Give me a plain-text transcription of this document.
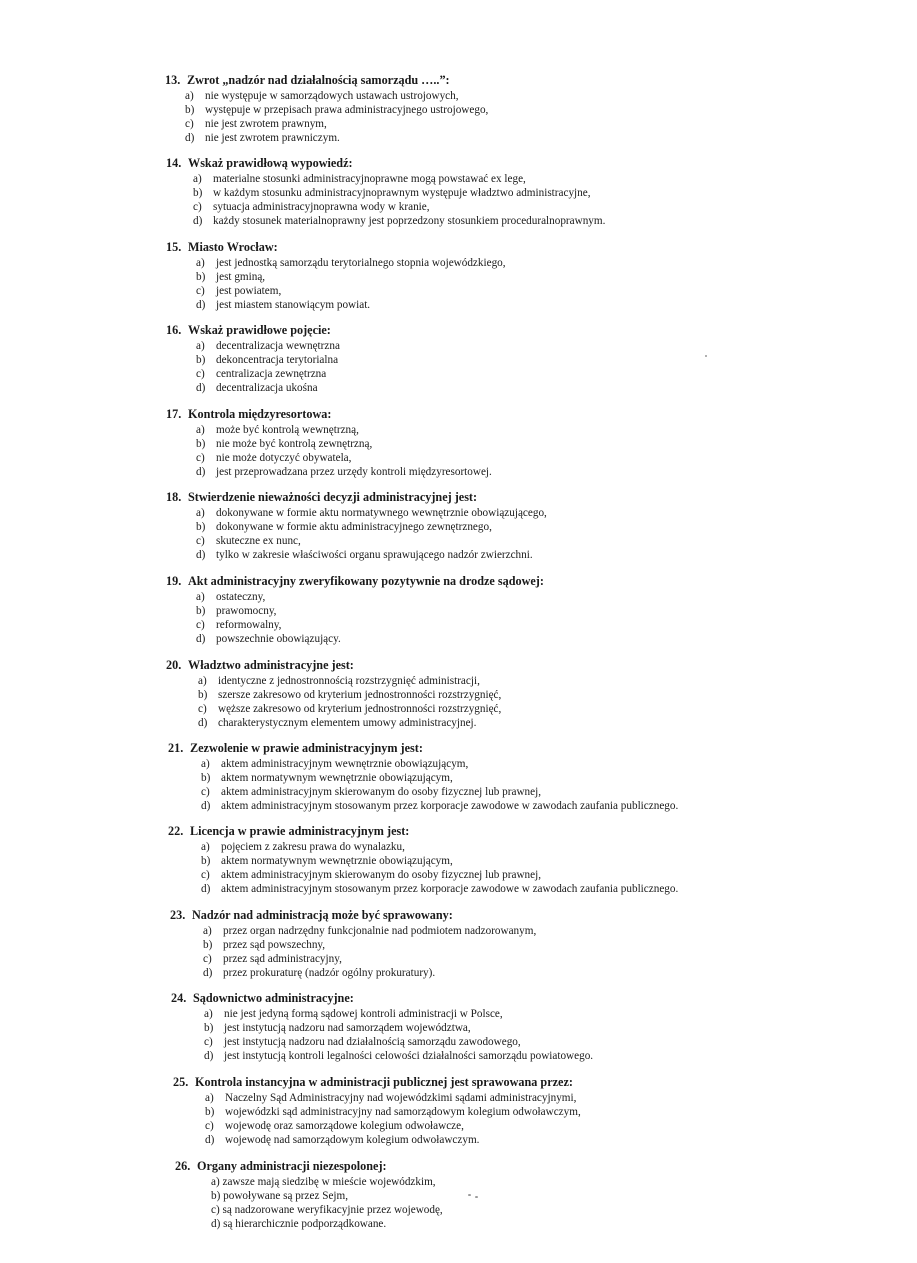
13. Zwrot „nadzór nad działalnością samorządu …..”:
a) nie występuje w samorządowych ustawach ustrojowych,
b) występuje w przepisach prawa administracyjnego ustrojowego,
c) nie jest zwrotem prawnym,
d) nie jest zwrotem prawniczym.
14. Wskaż prawidłową wypowiedź:
a) materialne stosunki administracyjnoprawne mogą powstawać ex lege,
b) w każdym stosunku administracyjnoprawnym występuje władztwo administracyjne,
c) sytuacja administracyjnoprawna wody w kranie,
d) każdy stosunek materialnoprawny jest poprzedzony stosunkiem proceduralnoprawnym.
15. Miasto Wrocław:
a) jest jednostką samorządu terytorialnego stopnia wojewódzkiego,
b) jest gminą,
c) jest powiatem,
d) jest miastem stanowiącym powiat.
16. Wskaż prawidłowe pojęcie:
a) decentralizacja wewnętrzna
b) dekoncentracja terytorialna
c) centralizacja zewnętrzna
d) decentralizacja ukośna
17. Kontrola międzyresortowa:
a) może być kontrolą wewnętrzną,
b) nie może być kontrolą zewnętrzną,
c) nie może dotyczyć obywatela,
d) jest przeprowadzana przez urzędy kontroli międzyresortowej.
18. Stwierdzenie nieważności decyzji administracyjnej jest:
a) dokonywane w formie aktu normatywnego wewnętrznie obowiązującego,
b) dokonywane w formie aktu administracyjnego zewnętrznego,
c) skuteczne ex nunc,
d) tylko w zakresie właściwości organu sprawującego nadzór zwierzchni.
19. Akt administracyjny zweryfikowany pozytywnie na drodze sądowej:
a) ostateczny,
b) prawomocny,
c) reformowalny,
d) powszechnie obowiązujący.
20. Władztwo administracyjne jest:
a) identyczne z jednostronnością rozstrzygnięć administracji,
b) szersze zakresowo od kryterium jednostronności rozstrzygnięć,
c) węższe zakresowo od kryterium jednostronności rozstrzygnięć,
d) charakterystycznym elementem umowy administracyjnej.
21. Zezwolenie w prawie administracyjnym jest:
a) aktem administracyjnym wewnętrznie obowiązującym,
b) aktem normatywnym wewnętrznie obowiązującym,
c) aktem administracyjnym skierowanym do osoby fizycznej lub prawnej,
d) aktem administracyjnym stosowanym przez korporacje zawodowe w zawodach zaufania publicznego.
22. Licencja w prawie administracyjnym jest:
a) pojęciem z zakresu prawa do wynalazku,
b) aktem normatywnym wewnętrznie obowiązującym,
c) aktem administracyjnym skierowanym do osoby fizycznej lub prawnej,
d) aktem administracyjnym stosowanym przez korporacje zawodowe w zawodach zaufania publicznego.
23. Nadzór nad administracją może być sprawowany:
a) przez organ nadrzędny funkcjonalnie nad podmiotem nadzorowanym,
b) przez sąd powszechny,
c) przez sąd administracyjny,
d) przez prokuraturę (nadzór ogólny prokuratury).
24. Sądownictwo administracyjne:
a) nie jest jedyną formą sądowej kontroli administracji w Polsce,
b) jest instytucją nadzoru nad samorządem województwa,
c) jest instytucją nadzoru nad działalnością samorządu zawodowego,
d) jest instytucją kontroli legalności celowości działalności samorządu powiatowego.
25. Kontrola instancyjna w administracji publicznej jest sprawowana przez:
a) Naczelny Sąd Administracyjny nad wojewódzkimi sądami administracyjnymi,
b) wojewódzki sąd administracyjny nad samorządowym kolegium odwoławczym,
c) wojewodę oraz samorządowe kolegium odwoławcze,
d) wojewodę nad samorządowym kolegium odwoławczym.
26. Organy administracji niezespolonej:
a) zawsze mają siedzibę w mieście wojewódzkim,
b) powoływane są przez Sejm,
c) są nadzorowane weryfikacyjnie przez wojewodę,
d) są hierarchicznie podporządkowane.
